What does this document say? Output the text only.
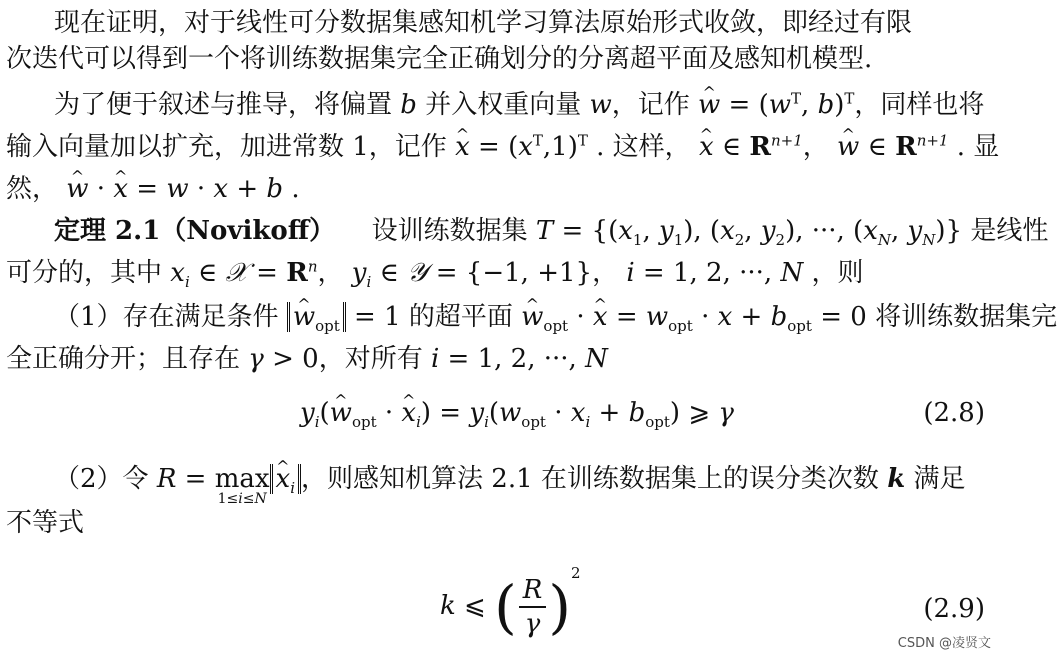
现在证明，对于线性可分数据集感知机学习算法原始形式收敛，即经过有限
次迭代可以得到一个将训练数据集完全正确划分的分离超平面及感知机模型.
为了便于叙述与推导，将偏置 b 并入权重向量 w，记作 ^ $w = (w^T$, b)$^T$，同样也将
输入向量加以扩充，加进常数 1，记作 ^ $x = (x^T,1)^T$ . 这样， ^ x ∈ $R^{n+1}$， ^ w ∈ $R^{n+1}$ . 显
然， ^ w · ^ x = w · x + b .
定理 2.1（Novikoff） 设训练数据集 $T = \{(x_1$, $y_1$), ($x_2$, $y_2$), ···, ($x_N$, $y_N$)} 是线性
可分的，其中 $x_i$ ∈ 𝒳 = $R^n$， $y_i$ ∈ 𝒴 = {−1, +1}， i = 1, 2, ···, N ，则
（1）存在满足条件 ^ $w_{opt} = 1$ 的超平面 ^ $w_{opt}$ · ^ $x = w_{opt} \cdot x + b_{opt} = 0$ 将训练数据集完
全正确分开；且存在 γ > 0，对所有 i = 1, 2, ···, N
$y_i(\^{}$ $w_{opt}$ · ^ $x_i) = y_i(w_{opt} \cdot x_i + b_{opt})$ ⩾ γ	(2.8)
（2）令 R = max
1≤i≤N
^ $x_i$ ，则感知机算法 2.1 在训练数据集上的误分类次数 k 满足
不等式
k ⩽ ( $\frac{R}{\gamma} )^2$
(2.9)
CSDN @凌贤文
